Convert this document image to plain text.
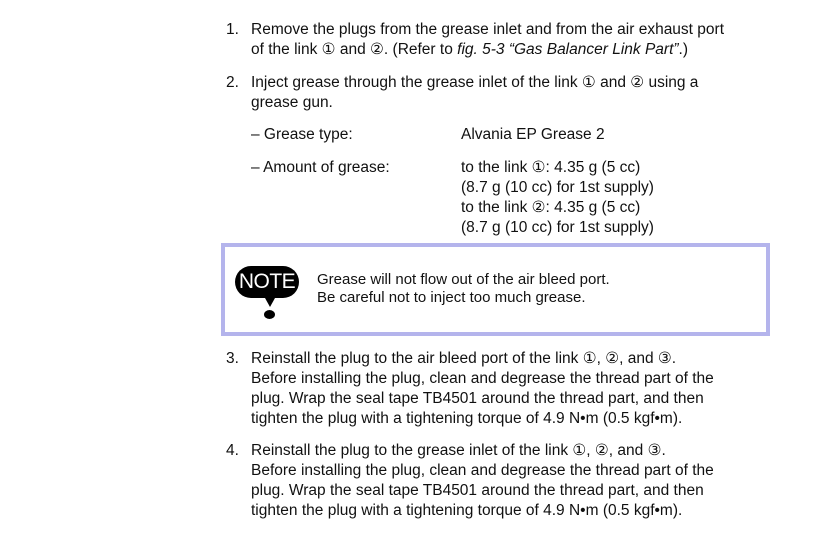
1. Remove the plugs from the grease inlet and from the air exhaust port
of the link ① and ②. (Refer to fig. 5-3 “Gas Balancer Link Part”.)
2. Inject grease through the grease inlet of the link ① and ② using a
grease gun.
– Grease type:	Alvania EP Grease 2
– Amount of grease:	to the link ①: 4.35 g (5 cc)
(8.7 g (10 cc) for 1st supply)
to the link ②: 4.35 g (5 cc)
(8.7 g (10 cc) for 1st supply)
NOTE Grease will not flow out of the air bleed port.
Be careful not to inject too much grease.
3. Reinstall the plug to the air bleed port of the link ①, ②, and ③.
Before installing the plug, clean and degrease the thread part of the
plug. Wrap the seal tape TB4501 around the thread part, and then
tighten the plug with a tightening torque of 4.9 N•m (0.5 kgf•m).
4. Reinstall the plug to the grease inlet of the link ①, ②, and ③.
Before installing the plug, clean and degrease the thread part of the
plug. Wrap the seal tape TB4501 around the thread part, and then
tighten the plug with a tightening torque of 4.9 N•m (0.5 kgf•m).
